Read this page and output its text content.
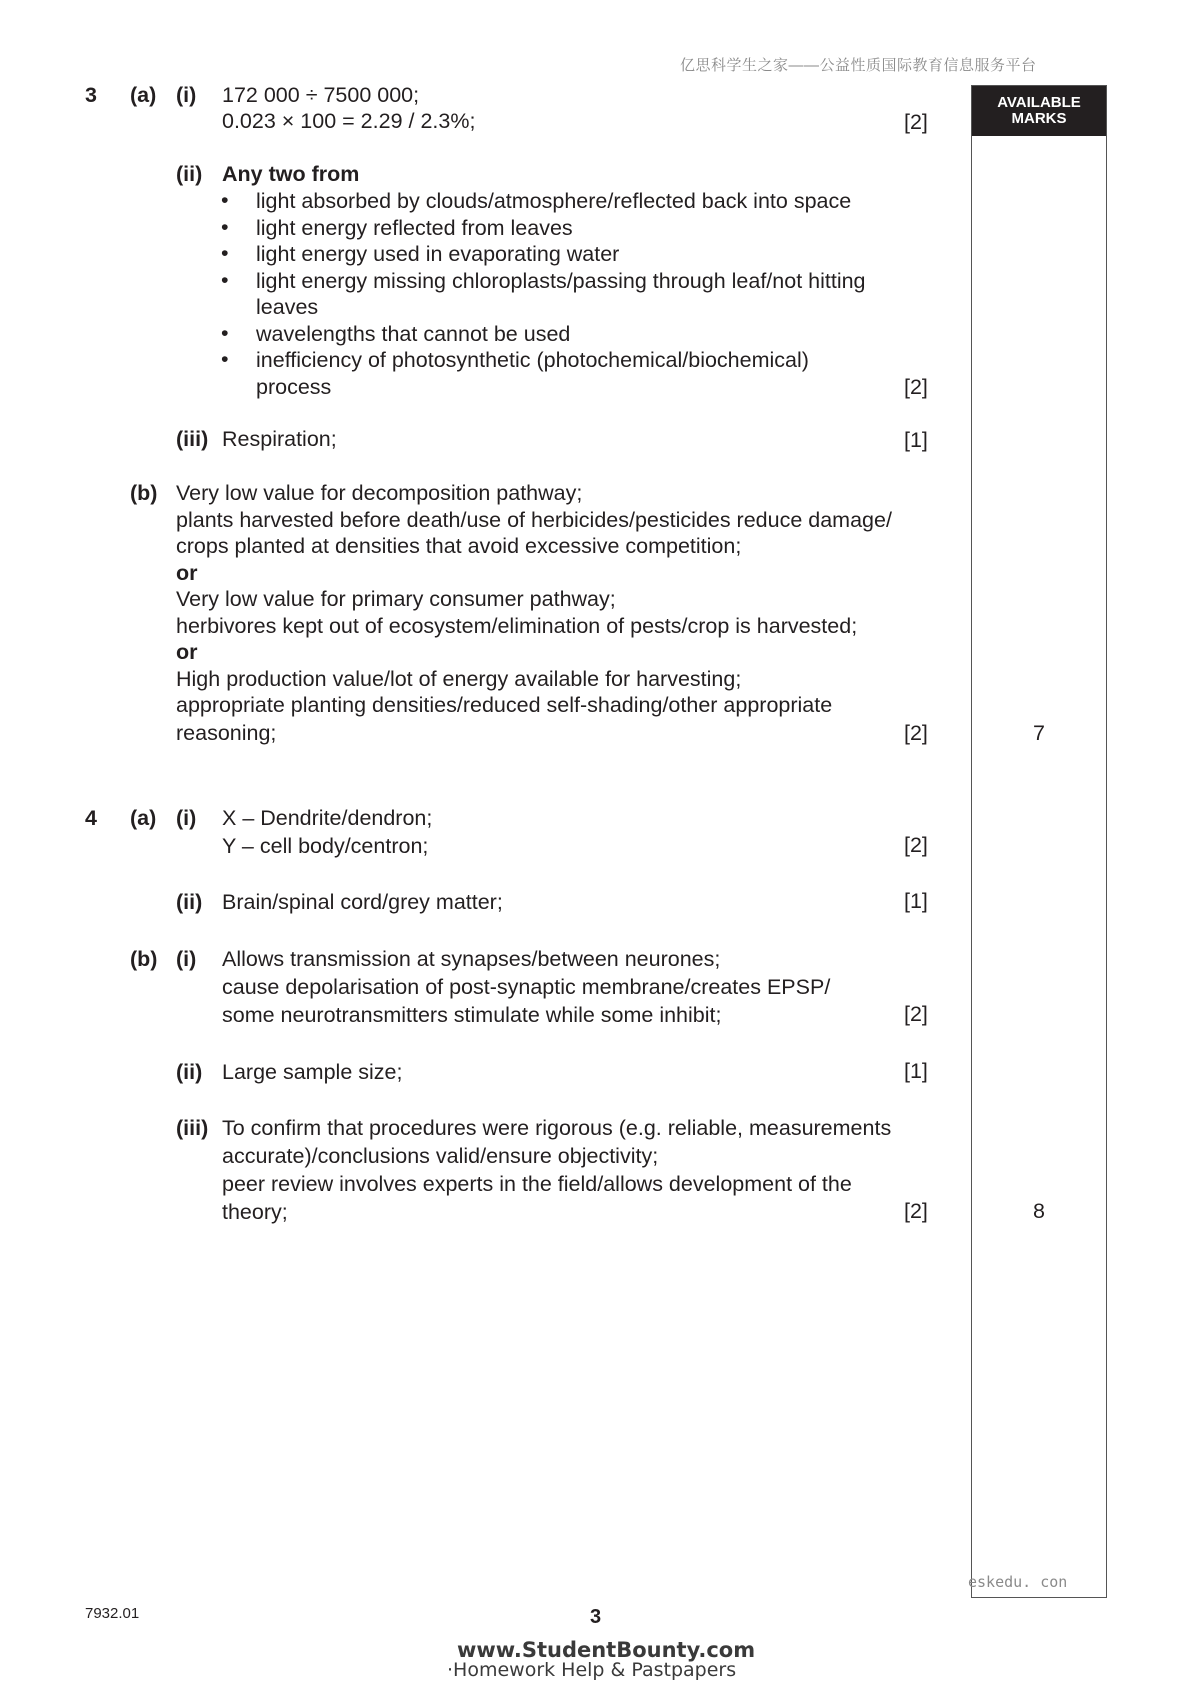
亿思科学生之家——公益性质国际教育信息服务平台
AVAILABLE
MARKS
3 (a) (i) 172 000 ÷ 7500 000;
0.023 × 100 = 2.29 / 2.3%;	[2]
(ii) Any two from
• light absorbed by clouds/atmosphere/reflected back into space
• light energy reflected from leaves
• light energy used in evaporating water
• light energy missing chloroplasts/passing through leaf/not hitting
leaves
• wavelengths that cannot be used
• inefficiency of photosynthetic (photochemical/biochemical)
process	[2]
(iii) Respiration;	[1]
(b) Very low value for decomposition pathway;
plants harvested before death/use of herbicides/pesticides reduce damage/
crops planted at densities that avoid excessive competition;
or
Very low value for primary consumer pathway;
herbivores kept out of ecosystem/elimination of pests/crop is harvested;
or
High production value/lot of energy available for harvesting;
appropriate planting densities/reduced self-shading/other appropriate
reasoning;	[2]	7
4 (a) (i) X – Dendrite/dendron;
Y – cell body/centron;	[2]
(ii) Brain/spinal cord/grey matter;	[1]
(b) (i) Allows transmission at synapses/between neurones;
cause depolarisation of post-synaptic membrane/creates EPSP/
some neurotransmitters stimulate while some inhibit;	[2]
(ii) Large sample size;	[1]
(iii) To confirm that procedures were rigorous (e.g. reliable, measurements
accurate)/conclusions valid/ensure objectivity;
peer review involves experts in the field/allows development of the
theory;	[2]	8
eskedu. con
7932.01	3
www.StudentBounty.com
·Homework Help & Pastpapers
